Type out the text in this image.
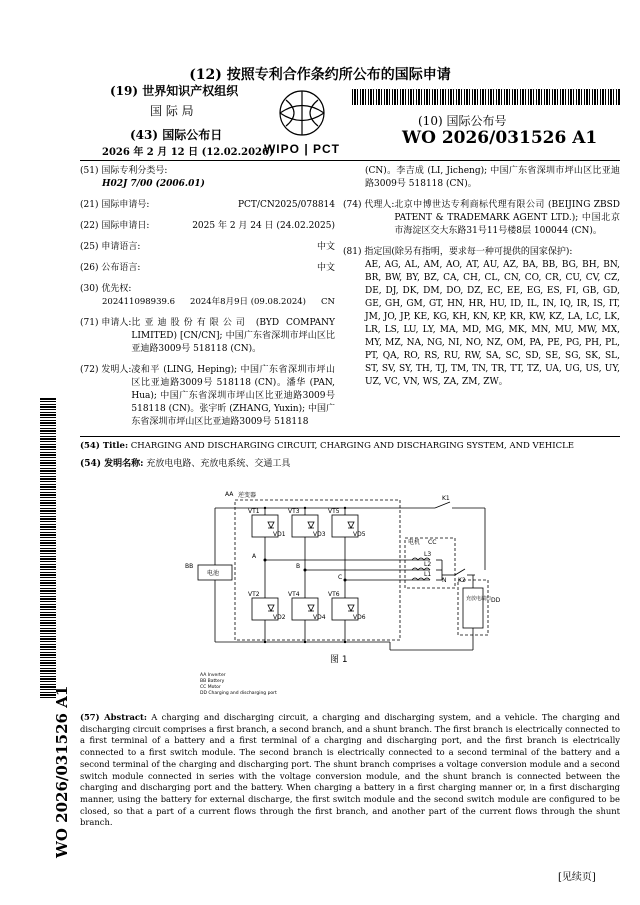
(12) 按照专利合作条约所公布的国际申请
(19) 世界知识产权组织
国 际 局
(43) 国际公布日
2026 年 2 月 12 日 (12.02.2026)
WIPO | PCT
(10) 国际公布号
WO 2026/031526 A1
(51) 国际专利分类号:
H02J 7/00 (2006.01)
(21) 国际申请号:	PCT/CN2025/078814
(22) 国际申请日:	2025 年 2 月 24 日 (24.02.2025)
(25) 申请语言:	中文
(26) 公布语言:	中文
(30) 优先权:
202411098939.6 2024年8月9日 (09.08.2024) CN
(71) 申请人: 比亚迪股份有限公司 (BYD COMPANY LIMITED) [CN/CN]; 中国广东省深圳市坪山区比亚迪路3009号 518118 (CN)。
(72) 发明人: 凌和平 (LING, Heping); 中国广东省深圳市坪山区比亚迪路3009号 518118 (CN)。潘华 (PAN, Hua); 中国广东省深圳市坪山区比亚迪路3009号 518118 (CN)。张宇昕 (ZHANG, Yuxin); 中国广东省深圳市坪山区比亚迪路3009号 518118
(CN)。李吉成 (LI, Jicheng); 中国广东省深圳市坪山区比亚迪路3009号 518118 (CN)。
(74) 代理人: 北京中博世达专利商标代理有限公司 (BEIJING ZBSD PATENT & TRADEMARK AGENT LTD.); 中国北京市海淀区交大东路31号11号楼8层 100044 (CN)。
(81) 指定国(除另有指明，要求每一种可提供的国家保护):
AE, AG, AL, AM, AO, AT, AU, AZ, BA, BB, BG, BH, BN, BR, BW, BY, BZ, CA, CH, CL, CN, CO, CR, CU, CV, CZ, DE, DJ, DK, DM, DO, DZ, EC, EE, EG, ES, FI, GB, GD, GE, GH, GM, GT, HN, HR, HU, ID, IL, IN, IQ, IR, IS, IT, JM, JO, JP, KE, KG, KH, KN, KP, KR, KW, KZ, LA, LC, LK, LR, LS, LU, LY, MA, MD, MG, MK, MN, MU, MW, MX, MY, MZ, NA, NG, NI, NO, NZ, OM, PA, PE, PG, PH, PL, PT, QA, RO, RS, RU, RW, SA, SC, SD, SE, SG, SK, SL, ST, SV, SY, TH, TJ, TM, TN, TR, TT, TZ, UA, UG, US, UY, UZ, VC, VN, WS, ZA, ZM, ZW。
(54) Title: CHARGING AND DISCHARGING CIRCUIT, CHARGING AND DISCHARGING SYSTEM, AND VEHICLE
(54) 发明名称: 充放电电路、充放电系统、交通工具
AA 逆变器
BB
电池
K1
K2
VT1	VT3	VT5
VT2	VT4	VT6
VD1	VD3	VD5
VD2	VD4	VD6
A
B
C
电机 CC
L3
L2
L1
N
DD
充放电端口
图 1
AA Inverter
BB Battery
CC Motor
DD Charging and discharging port
(57) Abstract: A charging and discharging circuit, a charging and discharging system, and a vehicle. The charging and discharging circuit comprises a first branch, a second branch, and a shunt branch. The first branch is electrically connected to a first terminal of a battery and a first terminal of a charging and discharging port, and the first branch is electrically connected to a first switch module. The second branch is electrically connected to a second terminal of the battery and a second terminal of the charging and discharging port. The shunt branch comprises a voltage conversion module and a second switch module connected in series with the voltage conversion module, and the shunt branch is connected between the charging and discharging port and the battery. When charging a battery in a first charging manner or, in a first discharging manner, using the battery for external discharge, the first switch module and the second switch module are configured to be closed, so that a part of a current flows through the first branch, and another part of the current flows through the shunt branch.
WO 2026/031526 A1
[见续页]
